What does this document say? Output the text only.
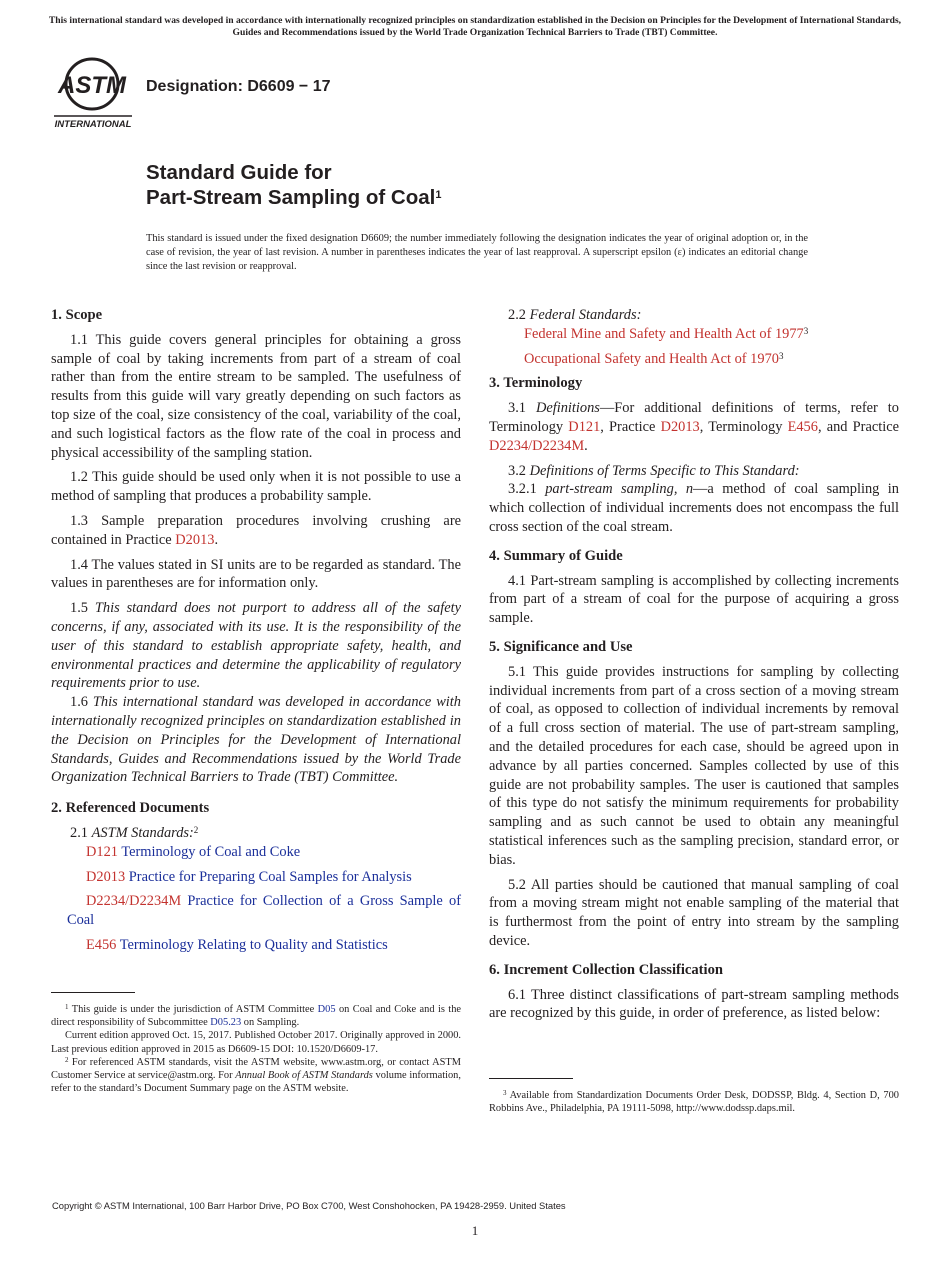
This international standard was developed in accordance with internationally recognized principles on standardization established in the Decision on Principles for the Development of International Standards, Guides and Recommendations issued by the World Trade Organization Technical Barriers to Trade (TBT) Committee.
ASTM
INTERNATIONAL
Designation: D6609 − 17
Standard Guide for
Part-Stream Sampling of Coal$^1$
This standard is issued under the fixed designation D6609; the number immediately following the designation indicates the year of original adoption or, in the case of revision, the year of last revision. A number in parentheses indicates the year of last reapproval. A superscript epsilon (ε) indicates an editorial change since the last revision or reapproval.
1. Scope

1.1 This guide covers general principles for obtaining a gross sample of coal by taking increments from part of a stream of coal rather than from the entire stream to be sampled. The usefulness of results from this guide will vary greatly depending on such factors as top size of the coal, size consistency of the coal, variability of the coal, and such logistical factors as the flow rate of the coal in process and physical accessibility of the sampling station.

1.2 This guide should be used only when it is not possible to use a method of sampling that produces a probability sample.

1.3 Sample preparation procedures involving crushing are contained in Practice D2013.

1.4 The values stated in SI units are to be regarded as standard. The values in parentheses are for information only.

1.5 This standard does not purport to address all of the safety concerns, if any, associated with its use. It is the responsibility of the user of this standard to establish appropriate safety, health, and environmental practices and determine the applicability of regulatory requirements prior to use.

1.6 This international standard was developed in accordance with internationally recognized principles on standardization established in the Decision on Principles for the Development of International Standards, Guides and Recommendations issued by the World Trade Organization Technical Barriers to Trade (TBT) Committee.

2. Referenced Documents

2.1 ASTM Standards:$^2$

D121 Terminology of Coal and Coke

D2013 Practice for Preparing Coal Samples for Analysis

D2234/D2234M Practice for Collection of a Gross Sample of Coal

E456 Terminology Relating to Quality and Statistics

$^1$ This guide is under the jurisdiction of ASTM Committee D05 on Coal and Coke and is the direct responsibility of Subcommittee D05.23 on Sampling.

Current edition approved Oct. 15, 2017. Published October 2017. Originally approved in 2000. Last previous edition approved in 2015 as D6609-15 DOI: 10.1520/D6609-17.

$^2$ For referenced ASTM standards, visit the ASTM website, www.astm.org, or contact ASTM Customer Service at service@astm.org. For Annual Book of ASTM Standards volume information, refer to the standard’s Document Summary page on the ASTM website.

2.2 Federal Standards:

Federal Mine and Safety and Health Act of 1977$^3$

Occupational Safety and Health Act of 1970$^3$

3. Terminology

3.1 Definitions—For additional definitions of terms, refer to Terminology D121, Practice D2013, Terminology E456, and Practice D2234/D2234M.

3.2 Definitions of Terms Specific to This Standard:

3.2.1 part-stream sampling, n—a method of coal sampling in which collection of individual increments does not encompass the full cross section of the coal stream.

4. Summary of Guide

4.1 Part-stream sampling is accomplished by collecting increments from part of a stream of coal for the purpose of acquiring a gross sample.

5. Significance and Use

5.1 This guide provides instructions for sampling by collecting individual increments from part of a cross section of a moving stream of coal, as opposed to collection of individual increments by removal of a full cross section of material. The use of part-stream sampling, and the detailed procedures for each case, should be agreed upon in advance by all parties concerned. Samples collected by use of this guide are not probability samples. The user is cautioned that samples of this type do not satisfy the minimum requirements for probability sampling and as such cannot be used to obtain any meaningful statistical inferences such as the sampling precision, standard error, or bias.

5.2 All parties should be cautioned that manual sampling of coal from a moving stream might not enable sampling of the material that is furthermost from the point of entry into stream by the sampling device.

6. Increment Collection Classification

6.1 Three distinct classifications of part-stream sampling methods are recognized by this guide, in order of preference, as listed below:

$^3$ Available from Standardization Documents Order Desk, DODSSP, Bldg. 4, Section D, 700 Robbins Ave., Philadelphia, PA 19111-5098, http://www.dodssp.daps.mil.

Copyright © ASTM International, 100 Barr Harbor Drive, PO Box C700, West Conshohocken, PA 19428-2959. United States
1
